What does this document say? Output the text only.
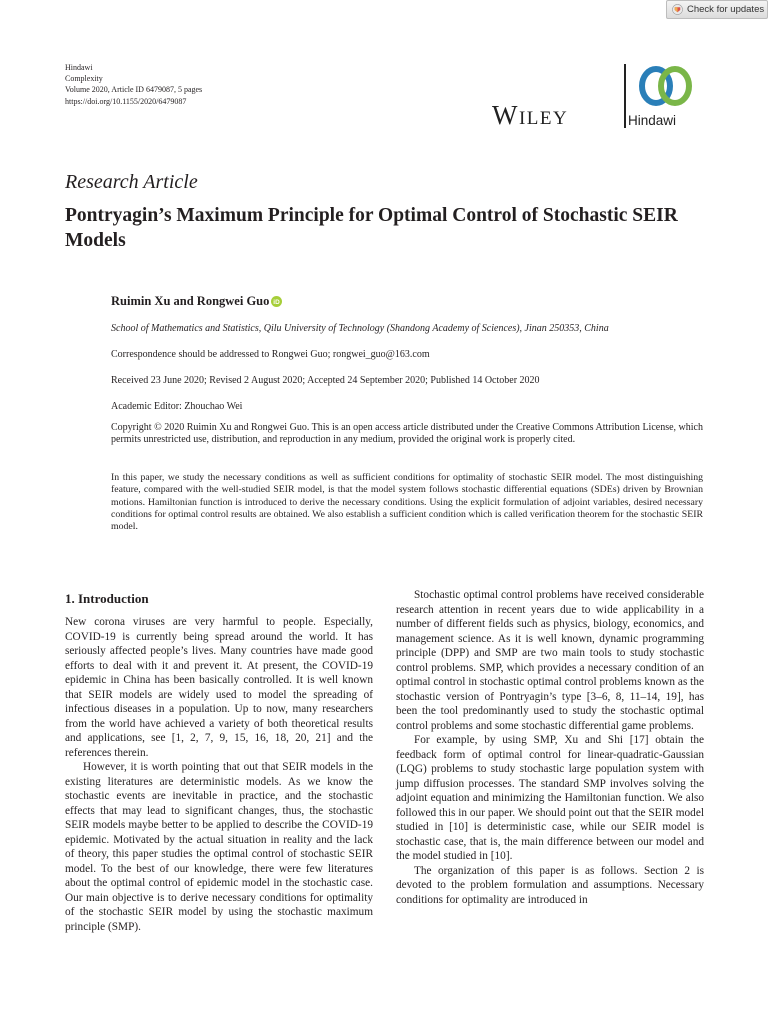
Check for updates
Hindawi
Complexity
Volume 2020, Article ID 6479087, 5 pages
https://doi.org/10.1155/2020/6479087	Wiley	Hindawi
Research Article
Pontryagin’s Maximum Principle for Optimal Control of Stochastic SEIR Models
Ruimin Xu and Rongwei Guo iD
School of Mathematics and Statistics, Qilu University of Technology (Shandong Academy of Sciences), Jinan 250353, China
Correspondence should be addressed to Rongwei Guo; rongwei_guo@163.com
Received 23 June 2020; Revised 2 August 2020; Accepted 24 September 2020; Published 14 October 2020
Academic Editor: Zhouchao Wei
Copyright © 2020 Ruimin Xu and Rongwei Guo. This is an open access article distributed under the Creative Commons Attribution License, which permits unrestricted use, distribution, and reproduction in any medium, provided the original work is properly cited.
In this paper, we study the necessary conditions as well as sufficient conditions for optimality of stochastic SEIR model. The most distinguishing feature, compared with the well-studied SEIR model, is that the model system follows stochastic differential equations (SDEs) driven by Brownian motions. Hamiltonian function is introduced to derive the necessary conditions. Using the explicit formulation of adjoint variables, desired necessary conditions for optimal control results are obtained. We also establish a sufficient condition which is called verification theorem for the stochastic SEIR model.
1. Introduction

New corona viruses are very harmful to people. Especially, COVID-19 is currently being spread around the world. It has seriously affected people’s lives. Many countries have made good efforts to deal with it and prevent it. At present, the COVID-19 epidemic in China has been basically controlled. It is well known that SEIR models are widely used to model the spreading of infectious diseases in a population. Up to now, many researchers from the world have achieved a variety of both theoretical results and applications, see [1, 2, 7, 9, 15, 16, 18, 20, 21] and the references therein.

However, it is worth pointing that out that SEIR models in the existing literatures are deterministic models. As we know the stochastic events are inevitable in practice, and the stochastic effects that may lead to significant changes, thus, the stochastic SEIR models maybe better to be applied to describe the COVID-19 epidemic. Motivated by the actual situation in reality and the lack of theory, this paper studies the optimal control of stochastic SEIR model. To the best of our knowledge, there were few literatures about the optimal control of epidemic model in the stochastic case. Our main objective is to derive necessary conditions for optimality of the stochastic SEIR model by using the stochastic maximum principle (SMP).

Stochastic optimal control problems have received considerable research attention in recent years due to wide applicability in a number of different fields such as physics, biology, economics, and management science. As it is well known, dynamic programming principle (DPP) and SMP are two main tools to study stochastic control problems. SMP, which provides a necessary condition of an optimal control in stochastic optimal control problems known as the stochastic version of Pontryagin’s type [3–6, 8, 11–14, 19], has been the tool predominantly used to study the stochastic optimal control problems and some stochastic differential game problems.

For example, by using SMP, Xu and Shi [17] obtain the feedback form of optimal control for linear-quadratic-Gaussian (LQG) problems to study stochastic large population system with jump diffusion processes. The standard SMP involves solving the adjoint equation and minimizing the Hamiltonian function. We also followed this in our paper. We should point out that the SEIR model studied in [10] is deterministic case, while our SEIR model is stochastic case, that is, the main difference between our model and the model studied in [10].

The organization of this paper is as follows. Section 2 is devoted to the problem formulation and assumptions. Necessary conditions for optimality are introduced in
